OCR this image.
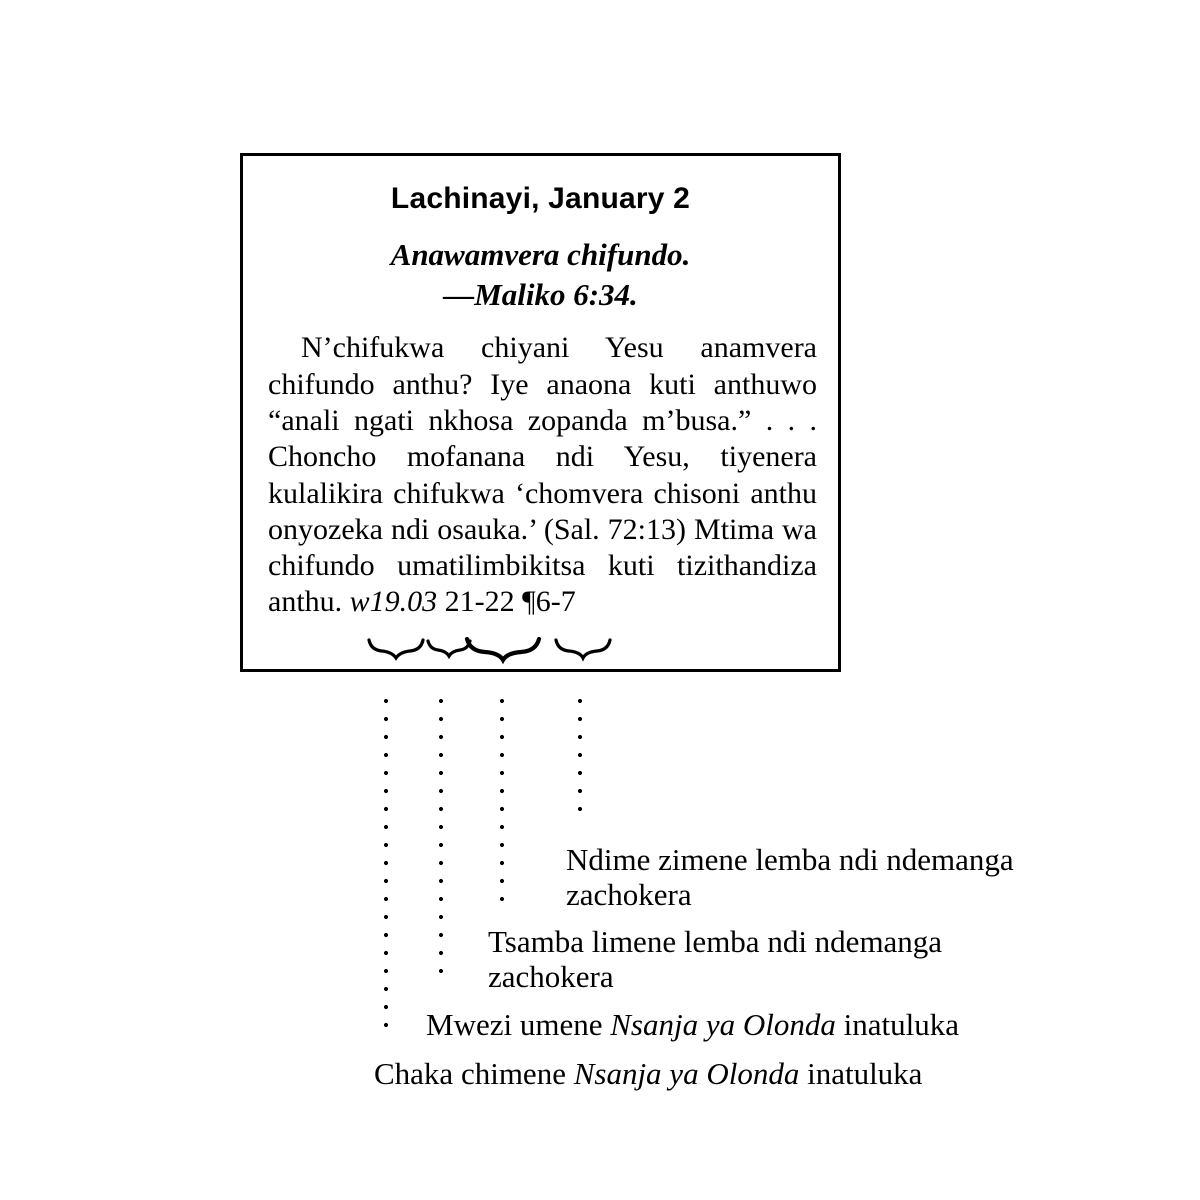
Lachinayi, January 2
Anawamvera chifundo.
—Maliko 6:34.
N’chifukwa chiyani Yesu anamvera chifundo anthu? Iye anaona kuti anthuwo “anali ngati nkhosa zopanda m’busa.” . . . Choncho mofanana ndi Yesu, tiyenera kulalikira chifukwa ‘chomvera chisoni anthu onyozeka ndi osauka.’ (Sal. 72:13) Mtima wa chifundo umatilimbikitsa kuti tizithandiza anthu. w19.03 21-22 ¶6-7
Ndime zimene lemba ndi ndemanga zachokera
Tsamba limene lemba ndi ndemanga zachokera
Mwezi umene Nsanja ya Olonda inatuluka
Chaka chimene Nsanja ya Olonda inatuluka
